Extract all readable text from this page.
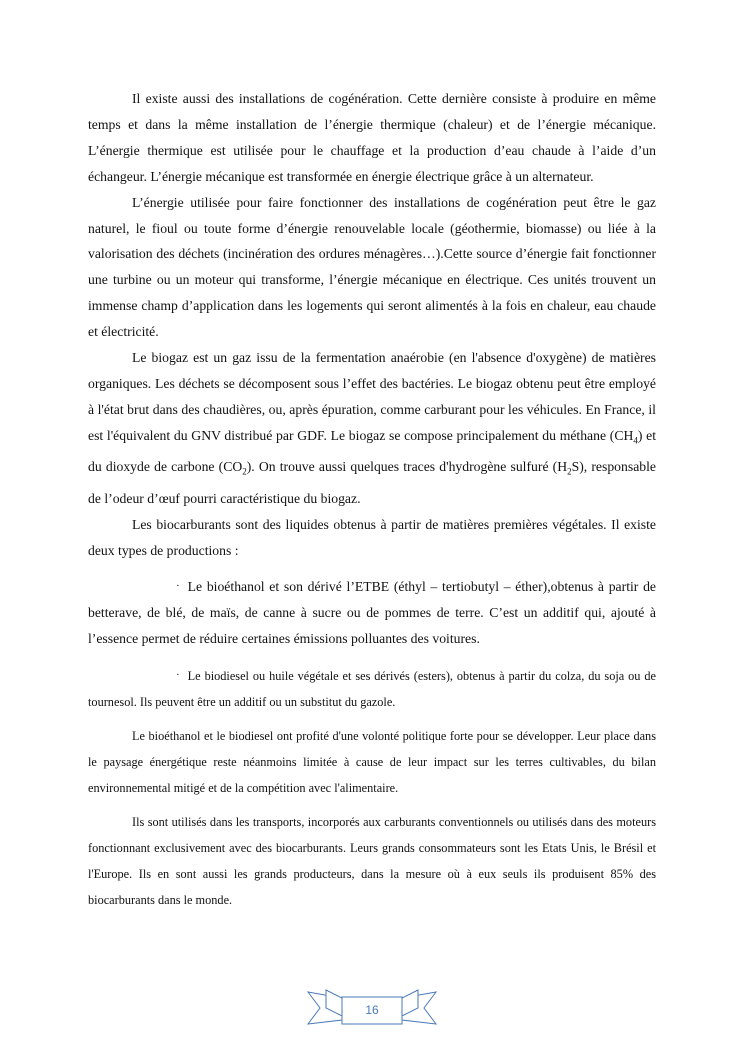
Il existe aussi des installations de cogénération. Cette dernière consiste à produire en même temps et dans la même installation de l’énergie thermique (chaleur) et de l’énergie mécanique. L’énergie thermique est utilisée pour le chauffage et la production d’eau chaude à l’aide d’un échangeur. L’énergie mécanique est transformée en énergie électrique grâce à un alternateur.

L’énergie utilisée pour faire fonctionner des installations de cogénération peut être le gaz naturel, le fioul ou toute forme d’énergie renouvelable locale (géothermie, biomasse) ou liée à la valorisation des déchets (incinération des ordures ménagères…).Cette source d’énergie fait fonctionner une turbine ou un moteur qui transforme, l’énergie mécanique en électrique. Ces unités trouvent un immense champ d’application dans les logements qui seront alimentés à la fois en chaleur, eau chaude et électricité.

Le biogaz est un gaz issu de la fermentation anaérobie (en l'absence d'oxygène) de matières organiques. Les déchets se décomposent sous l’effet des bactéries. Le biogaz obtenu peut être employé à l'état brut dans des chaudières, ou, après épuration, comme carburant pour les véhicules. En France, il est l'équivalent du GNV distribué par GDF. Le biogaz se compose principalement du méthane $(CH_4)$ et du dioxyde de carbone $(CO_2)$. On trouve aussi quelques traces d'hydrogène sulfuré $(H_2S)$, responsable de l’odeur d’œuf pourri caractéristique du biogaz.

Les biocarburants sont des liquides obtenus à partir de matières premières végétales. Il existe deux types de productions :

· Le bioéthanol et son dérivé l’ETBE (éthyl – tertiobutyl – éther),obtenus à partir de betterave, de blé, de maïs, de canne à sucre ou de pommes de terre. C’est un additif qui, ajouté à l’essence permet de réduire certaines émissions polluantes des voitures.

· Le biodiesel ou huile végétale et ses dérivés (esters), obtenus à partir du colza, du soja ou de tournesol. Ils peuvent être un additif ou un substitut du gazole.

Le bioéthanol et le biodiesel ont profité d'une volonté politique forte pour se développer. Leur place dans le paysage énergétique reste néanmoins limitée à cause de leur impact sur les terres cultivables, du bilan environnemental mitigé et de la compétition avec l'alimentaire.

Ils sont utilisés dans les transports, incorporés aux carburants conventionnels ou utilisés dans des moteurs fonctionnant exclusivement avec des biocarburants. Leurs grands consommateurs sont les Etats Unis, le Brésil et l'Europe. Ils en sont aussi les grands producteurs, dans la mesure où à eux seuls ils produisent 85% des biocarburants dans le monde.

16
